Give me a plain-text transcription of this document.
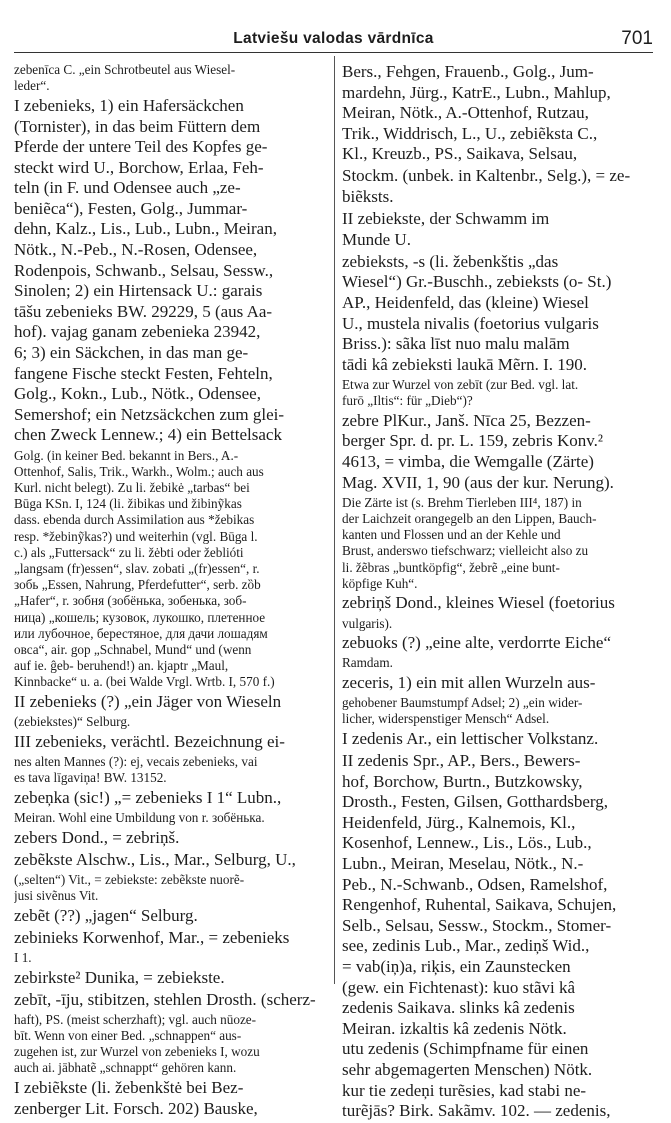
Latviešu valodas vārdnīca	701
zebenīca C. „ein Schrotbeutel aus Wiesel-
leder“.
I zebenieks, 1) ein Hafersäckchen
(Tornister), in das beim Füttern dem
Pferde der untere Teil des Kopfes ge-
steckt wird U., Borchow, Erlaa, Feh-
teln (in F. und Odensee auch „ze-
beniẽca“), Festen, Golg., Jummar-
dehn, Kalz., Lis., Lub., Lubn., Meiran,
Nötk., N.-Peb., N.-Rosen, Odensee,
Rodenpois, Schwanb., Selsau, Sessw.,
Sinolen; 2) ein Hirtensack U.: garais
tāšu zebenieks BW. 29229, 5 (aus Aa-
hof). vajag ganam zebenieka 23942,
6; 3) ein Säckchen, in das man ge-
fangene Fische steckt Festen, Fehteln,
Golg., Kokn., Lub., Nötk., Odensee,
Semershof; ein Netzsäckchen zum glei-
chen Zweck Lennew.; 4) ein Bettelsack
Golg. (in keiner Bed. bekannt in Bers., A.-
Ottenhof, Salis, Trik., Warkh., Wolm.; auch aus
Kurl. nicht belegt). Zu li. žebikė „tarbas“ bei
Būga KSn. I, 124 (li. žibikas und žibinỹkas
dass. ebenda durch Assimilation aus *žebikas
resp. *žebinỹkas?) und weiterhin (vgl. Būga l.
c.) als „Futtersack“ zu li. žėbti oder žeblióti
„langsam (fr)essen“, slav. zobati „(fr)essen“, r.
зобь „Essen, Nahrung, Pferdefutter“, serb. zȍb
„Hafer“, r. зобня (зобёнька, зобенька, зоб-
ница) „кошель; кузовок, лукошко, плетенное
или лубочное, берестяное, для дачи лошадям
овса“, air. gop „Schnabel, Mund“ und (wenn
auf ie. ĝeb- beruhend!) an. kjaptr „Maul,
Kinnbacke“ u. a. (bei Walde Vrgl. Wrtb. I, 570 f.)
II zebenieks (?) „ein Jäger von Wieseln
(zebiekstes)“ Selburg.
III zebenieks, verächtl. Bezeichnung ei-
nes alten Mannes (?): ej, vecais zebenieks, vai
es tava līgaviņa! BW. 13152.
zebeņka (sic!) „= zebenieks I 1“ Lubn.,
Meiran. Wohl eine Umbildung von r. зобёнька.
zebers Dond., = zebriņš.
zebẽkste Alschw., Lis., Mar., Selburg, U.,
(„selten“) Vit., = zebiekste: zebẽkste nuorẽ-
jusi sivẽnus Vit.
zebẽt (??) „jagen“ Selburg.
zebinieks Korwenhof, Mar., = zebenieks
I 1.
zebirkste² Dunika, = zebiekste.
zebīt, -īju, stibitzen, stehlen Drosth. (scherz-
haft), PS. (meist scherzhaft); vgl. auch nūoze-
bīt. Wenn von einer Bed. „schnappen“ aus-
zugehen ist, zur Wurzel von zebenieks I, wozu
auch ai. jābhatẽ „schnappt“ gehören kann.
I zebiẽkste (li. žebenkštė bei Bez-
zenberger Lit. Forsch. 202) Bauske,
Bers., Fehgen, Frauenb., Golg., Jum-
mardehn, Jürg., KatrE., Lubn., Mahlup,
Meiran, Nötk., A.-Ottenhof, Rutzau,
Trik., Widdrisch, L., U., zebiẽksta C.,
Kl., Kreuzb., PS., Saikava, Selsau,
Stockm. (unbek. in Kaltenbr., Selg.), = ze-
biẽksts.
II zebiekste, der Schwamm im
Munde U.
zebieksts, -s (li. žebenkštis „das
Wiesel“) Gr.-Buschh., zebieksts (o- St.)
AP., Heidenfeld, das (kleine) Wiesel
U., mustela nivalis (foetorius vulgaris
Briss.): sãka līst nuo malu malām
tādi kâ zebieksti laukā Mẽrn. I. 190.
Etwa zur Wurzel von zebīt (zur Bed. vgl. lat.
furō „Iltis“: für „Dieb“)?
zebre PlKur., Janš. Nīca 25, Bezzen-
berger Spr. d. pr. L. 159, zebris Konv.²
4613, = vimba, die Wemgalle (Zärte)
Mag. XVII, 1, 90 (aus der kur. Nerung).
Die Zärte ist (s. Brehm Tierleben III⁴, 187) in
der Laichzeit orangegelb an den Lippen, Bauch-
kanten und Flossen und an der Kehle und
Brust, anderswo tiefschwarz; vielleicht also zu
li. žẽbras „buntköpfig“, žebrẽ „eine bunt-
köpfige Kuh“.
zebriņš Dond., kleines Wiesel (foetorius
vulgaris).
zebuoks (?) „eine alte, verdorrte Eiche“
Ramdam.
zeceris, 1) ein mit allen Wurzeln aus-
gehobener Baumstumpf Adsel; 2) „ein wider-
licher, widerspenstiger Mensch“ Adsel.
I zedenis Ar., ein lettischer Volkstanz.
II zedenis Spr., AP., Bers., Bewers-
hof, Borchow, Burtn., Butzkowsky,
Drosth., Festen, Gilsen, Gotthardsberg,
Heidenfeld, Jürg., Kalnemois, Kl.,
Kosenhof, Lennew., Lis., Lös., Lub.,
Lubn., Meiran, Meselau, Nötk., N.-
Peb., N.-Schwanb., Odsen, Ramelshof,
Rengenhof, Ruhental, Saikava, Schujen,
Selb., Selsau, Sessw., Stockm., Stomer-
see, zedinis Lub., Mar., zediņš Wid.,
= vab(iņ)a, riķis, ein Zaunstecken
(gew. ein Fichtenast): kuo stãvi kâ
zedenis Saikava. slinks kâ zedenis
Meiran. izkaltis kâ zedenis Nötk.
utu zedenis (Schimpfname für einen
sehr abgemagerten Menschen) Nötk.
kur tie zedeņi turẽsies, kad stabi ne-
turẽjās? Birk. Sakãmv. 102. — zedenis,
